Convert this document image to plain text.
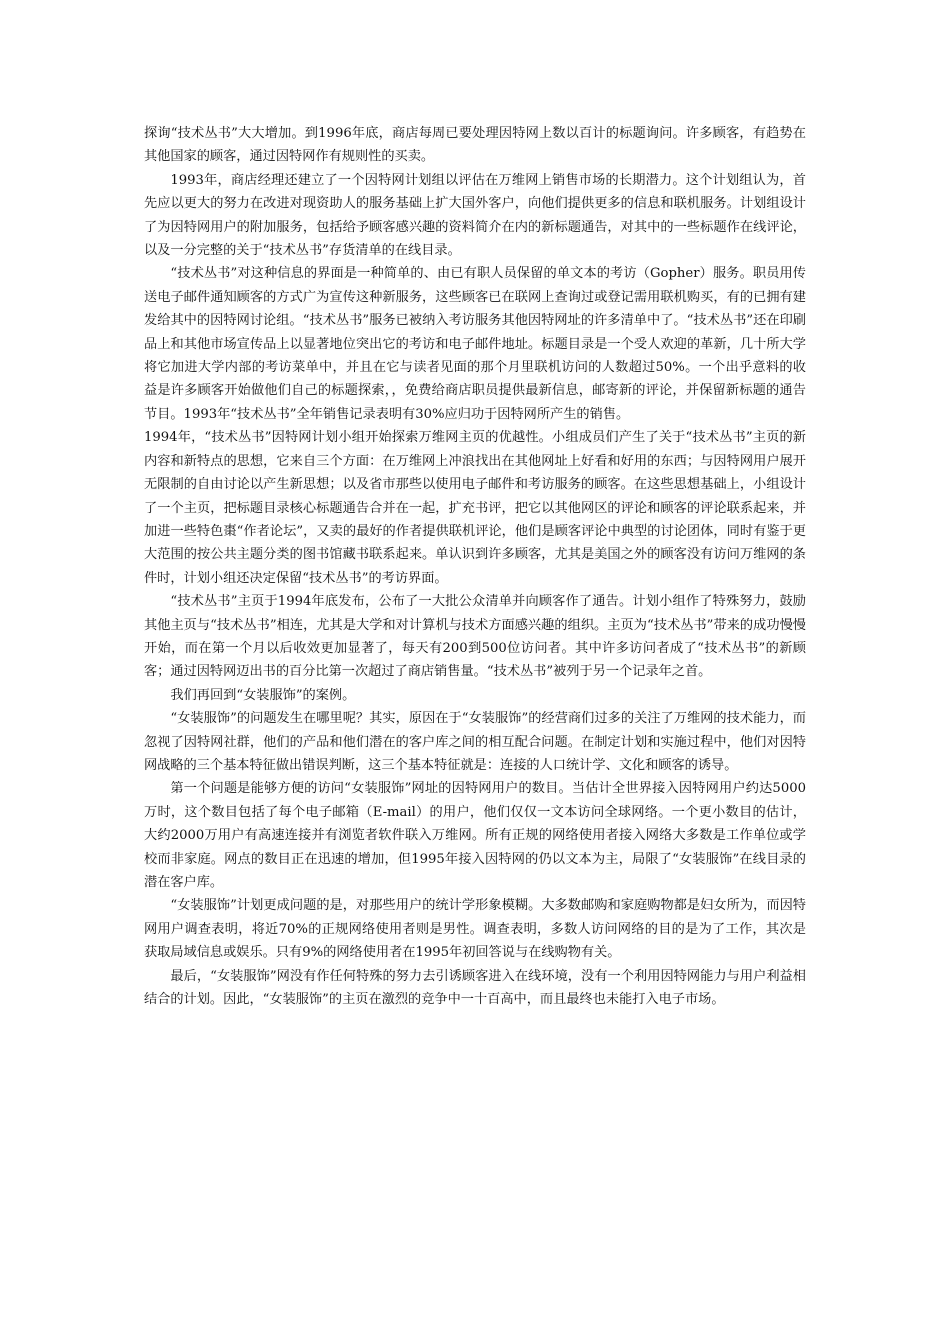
探询“技术丛书”大大增加。到1996年底，商店每周已要处理因特网上数以百计的标题询问。许多顾客，有趋势在其他国家的顾客，通过因特网作有规则性的买卖。

1993年，商店经理还建立了一个因特网计划组以评估在万维网上销售市场的长期潜力。这个计划组认为，首先应以更大的努力在改进对现资助人的服务基础上扩大国外客户，向他们提供更多的信息和联机服务。计划组设计了为因特网用户的附加服务，包括给予顾客感兴趣的资料简介在内的新标题通告，对其中的一些标题作在线评论，以及一分完整的关于“技术丛书”存货清单的在线目录。

“技术丛书”对这种信息的界面是一种简单的、由已有职人员保留的单文本的考访（Gopher）服务。职员用传送电子邮件通知顾客的方式广为宣传这种新服务，这些顾客已在联网上查询过或登记需用联机购买，有的已拥有建发给其中的因特网讨论组。“技术丛书”服务已被纳入考访服务其他因特网址的许多清单中了。“技术丛书”还在印刷品上和其他市场宣传品上以显著地位突出它的考访和电子邮件地址。标题目录是一个受人欢迎的革新，几十所大学将它加进大学内部的考访菜单中，并且在它与读者见面的那个月里联机访问的人数超过50%。一个出乎意料的收益是许多顾客开始做他们自己的标题探索，，免费给商店职员提供最新信息，邮寄新的评论，并保留新标题的通告节目。1993年“技术丛书”全年销售记录表明有30%应归功于因特网所产生的销售。

1994年，“技术丛书”因特网计划小组开始探索万维网主页的优越性。小组成员们产生了关于“技术丛书”主页的新内容和新特点的思想，它来自三个方面：在万维网上冲浪找出在其他网址上好看和好用的东西；与因特网用户展开无限制的自由讨论以产生新思想；以及省市那些以使用电子邮件和考访服务的顾客。在这些思想基础上，小组设计了一个主页，把标题目录核心标题通告合并在一起，扩充书评，把它以其他网区的评论和顾客的评论联系起来，并加进一些特色棗“作者论坛”，又卖的最好的作者提供联机评论，他们是顾客评论中典型的讨论团体，同时有鉴于更大范围的按公共主题分类的图书馆藏书联系起来。单认识到许多顾客，尤其是美国之外的顾客没有访问万维网的条件时，计划小组还决定保留“技术丛书”的考访界面。

“技术丛书”主页于1994年底发布，公布了一大批公众清单并向顾客作了通告。计划小组作了特殊努力，鼓励其他主页与“技术丛书”相连，尤其是大学和对计算机与技术方面感兴趣的组织。主页为“技术丛书”带来的成功慢慢开始，而在第一个月以后收效更加显著了，每天有200到500位访问者。其中许多访问者成了“技术丛书”的新顾客；通过因特网迈出书的百分比第一次超过了商店销售量。“技术丛书”被列于另一个记录年之首。

我们再回到“女装服饰”的案例。

“女装服饰”的问题发生在哪里呢？其实，原因在于“女装服饰”的经营商们过多的关注了万维网的技术能力，而忽视了因特网社群，他们的产品和他们潜在的客户库之间的相互配合问题。在制定计划和实施过程中，他们对因特网战略的三个基本特征做出错误判断，这三个基本特征就是：连接的人口统计学、文化和顾客的诱导。

第一个问题是能够方便的访问“女装服饰”网址的因特网用户的数目。当估计全世界接入因特网用户约达5000万时，这个数目包括了每个电子邮箱（E-mail）的用户，他们仅仅一文本访问全球网络。一个更小数目的估计，大约2000万用户有高速连接并有浏览者软件联入万维网。所有正规的网络使用者接入网络大多数是工作单位或学校而非家庭。网点的数目正在迅速的增加，但1995年接入因特网的仍以文本为主，局限了“女装服饰”在线目录的潜在客户库。

“女装服饰”计划更成问题的是，对那些用户的统计学形象模糊。大多数邮购和家庭购物都是妇女所为，而因特网用户调查表明，将近70%的正规网络使用者则是男性。调查表明，多数人访问网络的目的是为了工作，其次是获取局域信息或娱乐。只有9%的网络使用者在1995年初回答说与在线购物有关。

最后，“女装服饰”网没有作任何特殊的努力去引诱顾客进入在线环境，没有一个利用因特网能力与用户利益相结合的计划。因此，“女装服饰”的主页在激烈的竞争中一十百高中，而且最终也未能打入电子市场。
